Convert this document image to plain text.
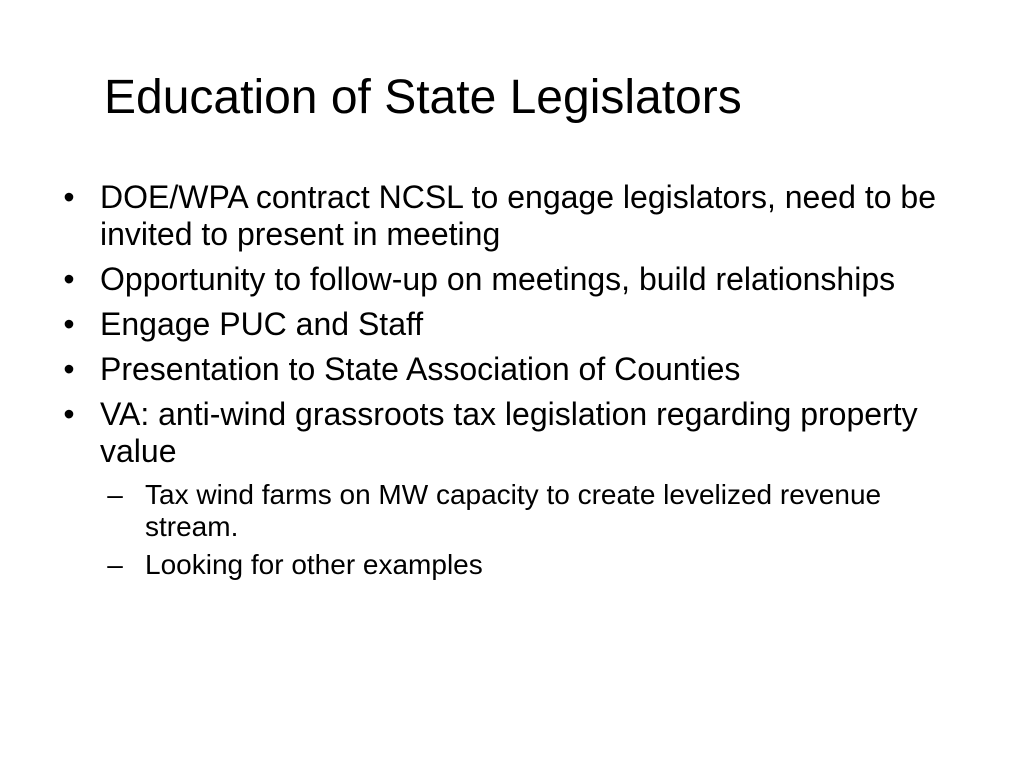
Education of State Legislators
• DOE/WPA contract NCSL to engage legislators, need to be invited to present in meeting
• Opportunity to follow-up on meetings, build relationships
• Engage PUC and Staff
• Presentation to State Association of Counties
• VA: anti-wind grassroots tax legislation regarding property value
– Tax wind farms on MW capacity to create levelized revenue stream.
– Looking for other examples
